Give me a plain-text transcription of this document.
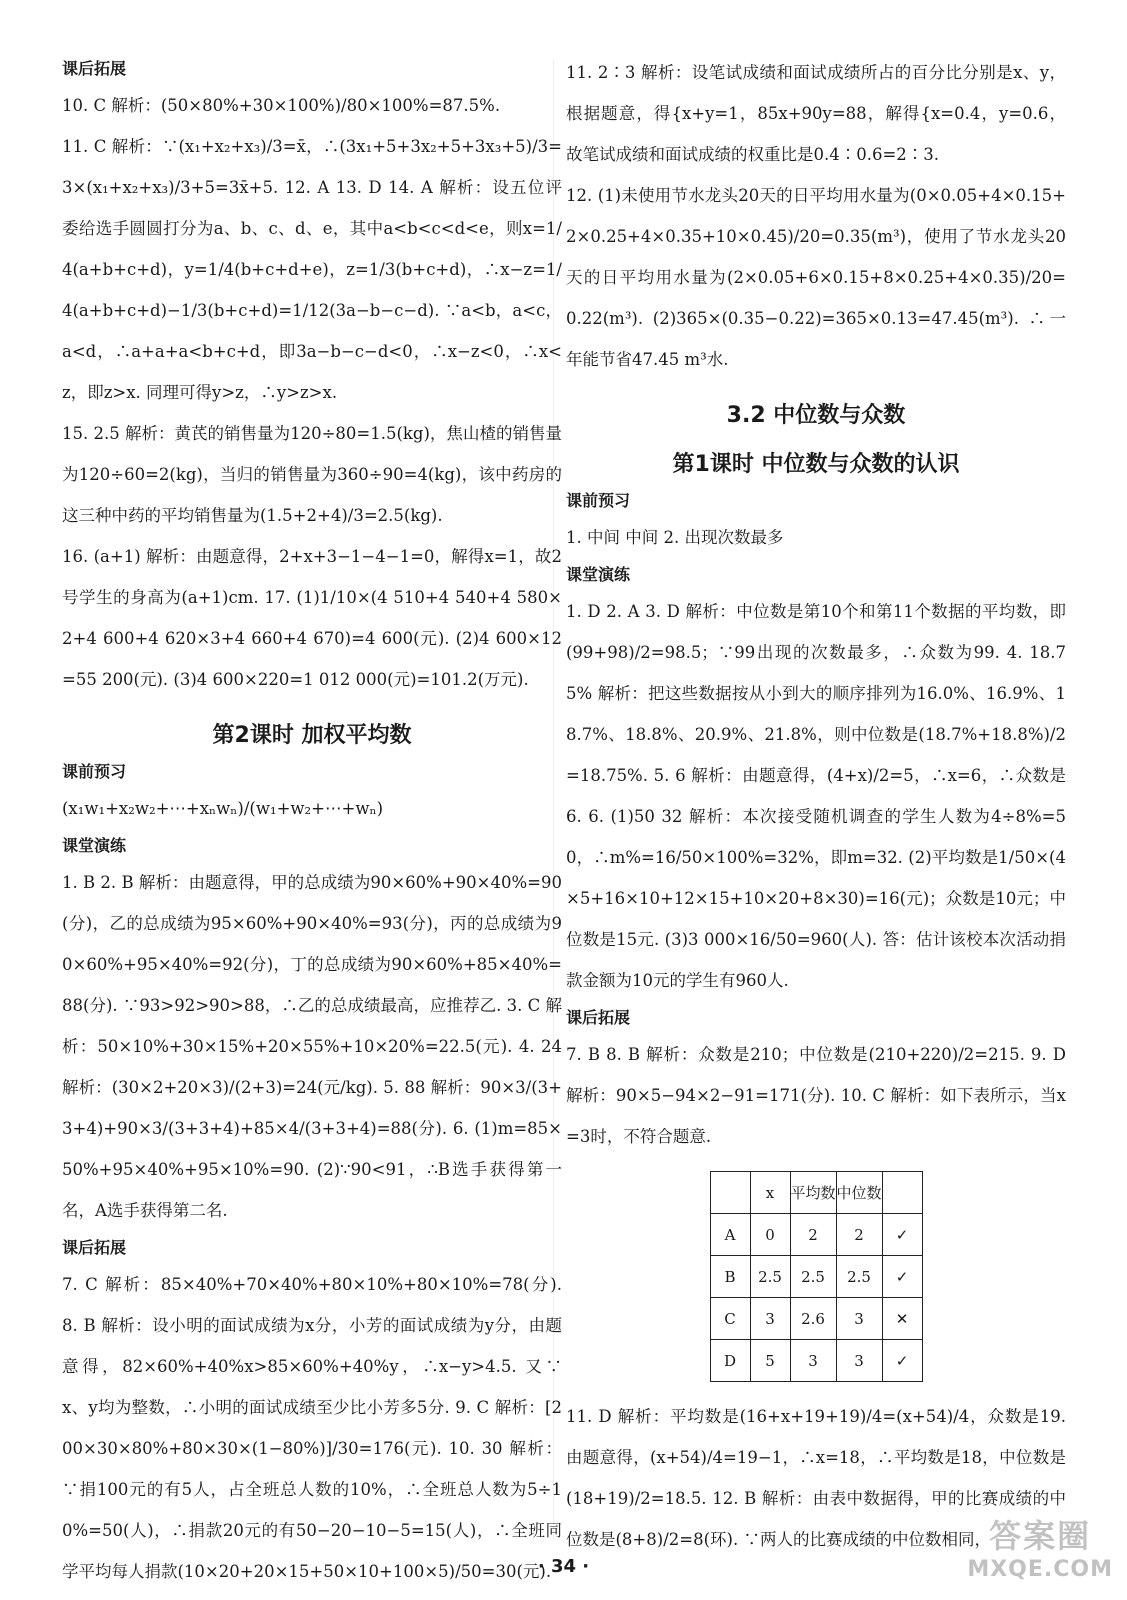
课后拓展

10. C 解析：(50×80%+30×100%)/80×100%=87.5%.

11. C 解析：∵(x₁+x₂+x₃)/3=x̄，∴(3x₁+5+3x₂+5+3x₃+5)/3=3×(x₁+x₂+x₃)/3+5=3x̄+5. 12. A 13. D 14. A 解析：设五位评委给选手圆圆打分为a、b、c、d、e，其中a<b<c<d<e，则x=1/4(a+b+c+d)，y=1/4(b+c+d+e)，z=1/3(b+c+d)，∴x−z=1/4(a+b+c+d)−1/3(b+c+d)=1/12(3a−b−c−d). ∵a<b，a<c，a<d，∴a+a+a<b+c+d，即3a−b−c−d<0，∴x−z<0，∴x<z，即z>x. 同理可得y>z，∴y>z>x.

15. 2.5 解析：黄芪的销售量为120÷80=1.5(kg)，焦山楂的销售量为120÷60=2(kg)，当归的销售量为360÷90=4(kg)，该中药房的这三种中药的平均销售量为(1.5+2+4)/3=2.5(kg).

16. (a+1) 解析：由题意得，2+x+3−1−4−1=0，解得x=1，故2号学生的身高为(a+1)cm. 17. (1)1/10×(4 510+4 540+4 580×2+4 600+4 620×3+4 660+4 670)=4 600(元). (2)4 600×12=55 200(元). (3)4 600×220=1 012 000(元)=101.2(万元).

第2课时 加权平均数
课前预习

(x₁w₁+x₂w₂+⋯+xₙwₙ)/(w₁+w₂+⋯+wₙ)

课堂演练

1. B 2. B 解析：由题意得，甲的总成绩为90×60%+90×40%=90(分)，乙的总成绩为95×60%+90×40%=93(分)，丙的总成绩为90×60%+95×40%=92(分)，丁的总成绩为90×60%+85×40%=88(分). ∵93>92>90>88，∴乙的总成绩最高，应推荐乙. 3. C 解析：50×10%+30×15%+20×55%+10×20%=22.5(元). 4. 24 解析：(30×2+20×3)/(2+3)=24(元/kg). 5. 88 解析：90×3/(3+3+4)+90×3/(3+3+4)+85×4/(3+3+4)=88(分). 6. (1)m=85×50%+95×40%+95×10%=90. (2)∵90<91，∴B选手获得第一名，A选手获得第二名.

课后拓展

7. C 解析：85×40%+70×40%+80×10%+80×10%=78(分). 8. B 解析：设小明的面试成绩为x分，小芳的面试成绩为y分，由题意得，82×60%+40%x>85×60%+40%y，∴x−y>4.5. 又∵x、y均为整数，∴小明的面试成绩至少比小芳多5分. 9. C 解析：[200×30×80%+80×30×(1−80%)]/30=176(元). 10. 30 解析：∵捐100元的有5人，占全班总人数的10%，∴全班总人数为5÷10%=50(人)，∴捐款20元的有50−20−10−5=15(人)，∴全班同学平均每人捐款(10×20+20×15+50×10+100×5)/50=30(元).

11. 2∶3 解析：设笔试成绩和面试成绩所占的百分比分别是x、y，根据题意，得{x+y=1，85x+90y=88，解得{x=0.4，y=0.6，故笔试成绩和面试成绩的权重比是0.4∶0.6=2∶3.

12. (1)未使用节水龙头20天的日平均用水量为(0×0.05+4×0.15+2×0.25+4×0.35+10×0.45)/20=0.35(m³)，使用了节水龙头20天的日平均用水量为(2×0.05+6×0.15+8×0.25+4×0.35)/20=0.22(m³). (2)365×(0.35−0.22)=365×0.13=47.45(m³). ∴一年能节省47.45 m³水.

3.2 中位数与众数
第1课时 中位数与众数的认识
课前预习

1. 中间 中间 2. 出现次数最多

课堂演练

1. D 2. A 3. D 解析：中位数是第10个和第11个数据的平均数，即(99+98)/2=98.5；∵99出现的次数最多，∴众数为99. 4. 18.75% 解析：把这些数据按从小到大的顺序排列为16.0%、16.9%、18.7%、18.8%、20.9%、21.8%，则中位数是(18.7%+18.8%)/2=18.75%. 5. 6 解析：由题意得，(4+x)/2=5，∴x=6，∴众数是6. 6. (1)50 32 解析：本次接受随机调查的学生人数为4÷8%=50，∴m%=16/50×100%=32%，即m=32. (2)平均数是1/50×(4×5+16×10+12×15+10×20+8×30)=16(元)；众数是10元；中位数是15元. (3)3 000×16/50=960(人). 答：估计该校本次活动捐款金额为10元的学生有960人.

课后拓展

7. B 8. B 解析：众数是210；中位数是(210+220)/2=215. 9. D 解析：90×5−94×2−91=171(分). 10. C 解析：如下表所示，当x=3时，不符合题意.

	x	平均数	中位数	
A	0	2	2	✓
B	2.5	2.5	2.5	✓
C	3	2.6	3	✕
D	5	3	3	✓

11. D 解析：平均数是(16+x+19+19)/4=(x+54)/4，众数是19. 由题意得，(x+54)/4=19−1，∴x=18，∴平均数是18，中位数是(18+19)/2=18.5. 12. B 解析：由表中数据得，甲的比赛成绩的中位数是(8+8)/2=8(环). ∵两人的比赛成绩的中位数相同，

· 34 ·
答案圈
MXQE.COM
